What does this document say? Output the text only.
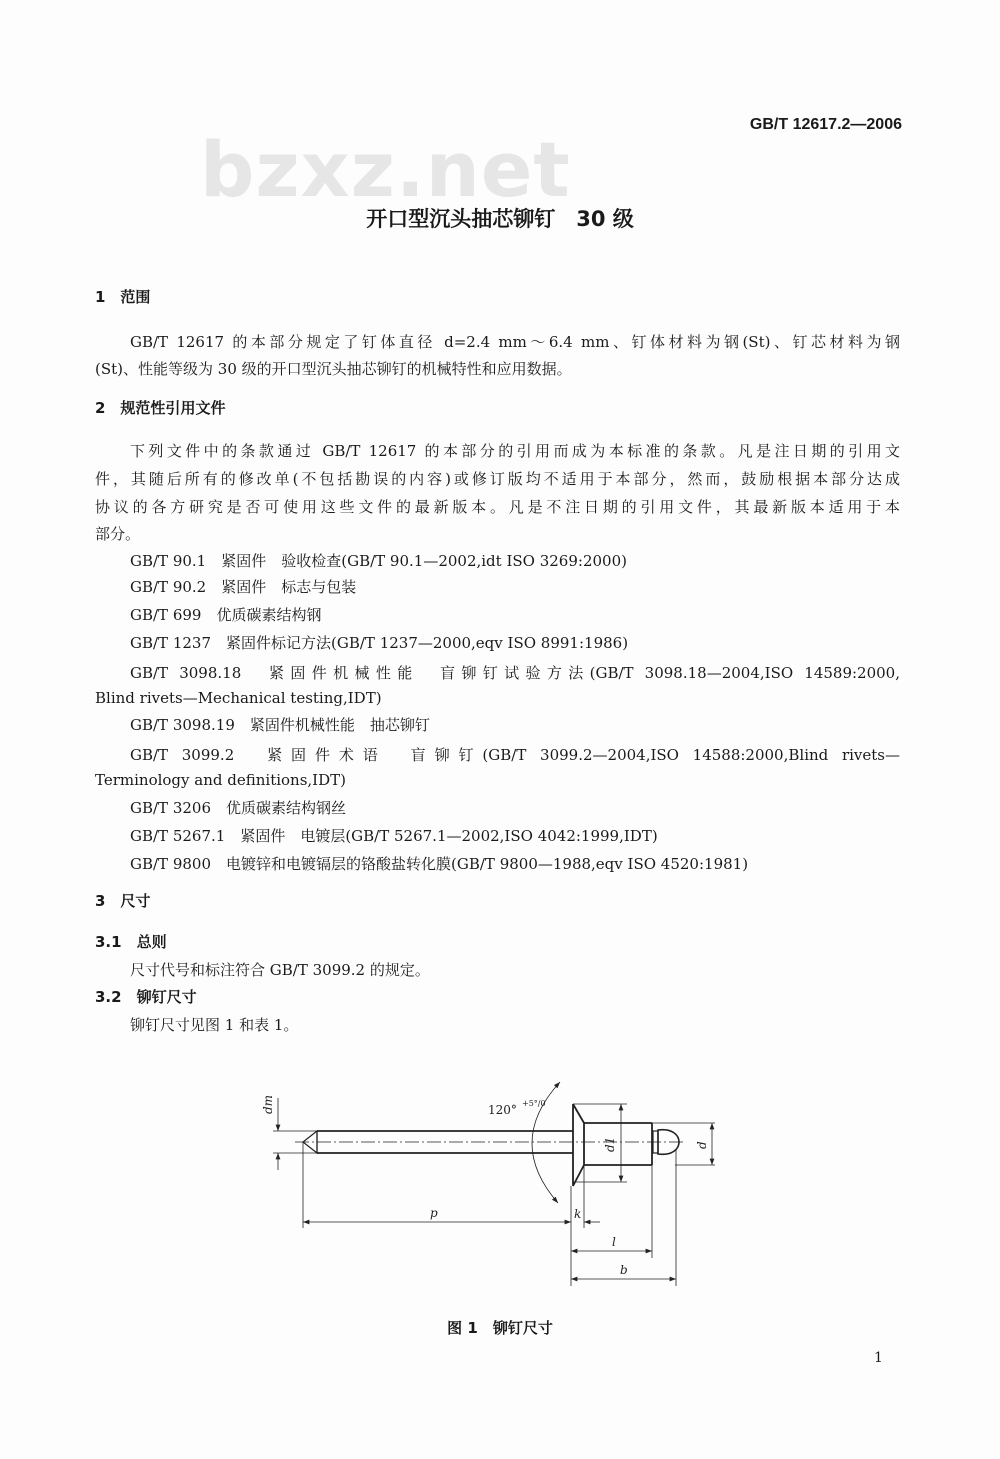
GB/T 12617.2—2006
bzxz.net
开口型沉头抽芯铆钉　30 级
1　范围
GB/T 12617 的本部分规定了钉体直径 d=2.4 mm～6.4 mm、钉体材料为钢(St)、钉芯材料为钢
(St)、性能等级为 30 级的开口型沉头抽芯铆钉的机械特性和应用数据。
2　规范性引用文件
下列文件中的条款通过 GB/T 12617 的本部分的引用而成为本标准的条款。凡是注日期的引用文
件，其随后所有的修改单(不包括勘误的内容)或修订版均不适用于本部分，然而，鼓励根据本部分达成
协议的各方研究是否可使用这些文件的最新版本。凡是不注日期的引用文件，其最新版本适用于本
部分。
GB/T 90.1　紧固件　验收检查(GB/T 90.1—2002,idt ISO 3269:2000)
GB/T 90.2　紧固件　标志与包装
GB/T 699　优质碳素结构钢
GB/T 1237　紧固件标记方法(GB/T 1237—2000,eqv ISO 8991:1986)
GB/T 3098.18　紧固件机械性能　盲铆钉试验方法(GB/T 3098.18—2004,ISO 14589:2000,
Blind rivets—Mechanical testing,IDT)
GB/T 3098.19　紧固件机械性能　抽芯铆钉
GB/T 3099.2　紧固件术语　盲铆钉(GB/T 3099.2—2004,ISO 14588:2000,Blind rivets—
Terminology and definitions,IDT)
GB/T 3206　优质碳素结构钢丝
GB/T 5267.1　紧固件　电镀层(GB/T 5267.1—2002,ISO 4042:1999,IDT)
GB/T 9800　电镀锌和电镀镉层的铬酸盐转化膜(GB/T 9800—1988,eqv ISO 4520:1981)
3　尺寸
3.1　总则
尺寸代号和标注符合 GB/T 3099.2 的规定。
3.2　铆钉尺寸
铆钉尺寸见图 1 和表 1。
dm	120° +5°/0
d1	d
p	k
l
b
图 1　铆钉尺寸
1
